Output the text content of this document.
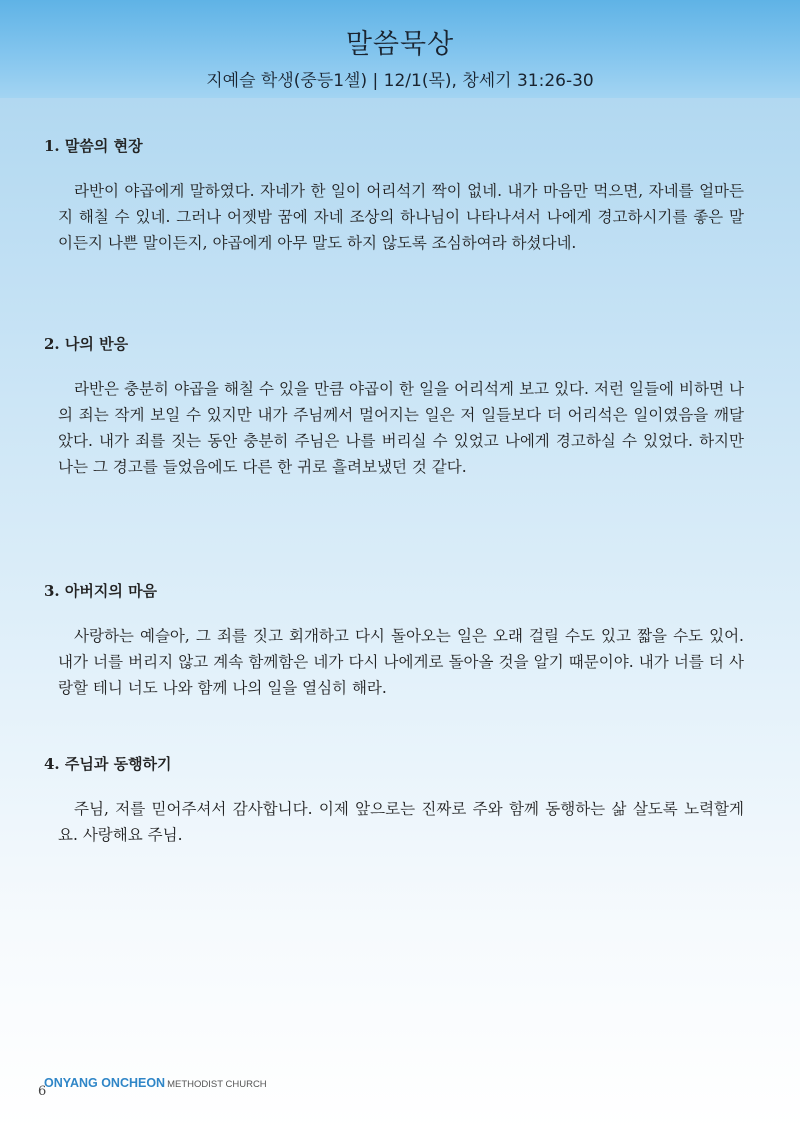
말씀묵상
지예슬 학생(중등1셀) | 12/1(목), 창세기 31:26-30

1. 말씀의 현장

라반이 야곱에게 말하였다. 자네가 한 일이 어리석기 짝이 없네. 내가 마음만 먹으면, 자네를 얼마든지 해칠 수 있네. 그러나 어젯밤 꿈에 자네 조상의 하나님이 나타나셔서 나에게 경고하시기를 좋은 말이든지 나쁜 말이든지, 야곱에게 아무 말도 하지 않도록 조심하여라 하셨다네.

2. 나의 반응

라반은 충분히 야곱을 해칠 수 있을 만큼 야곱이 한 일을 어리석게 보고 있다. 저런 일들에 비하면 나의 죄는 작게 보일 수 있지만 내가 주님께서 멀어지는 일은 저 일들보다 더 어리석은 일이였음을 깨달았다. 내가 죄를 짓는 동안 충분히 주님은 나를 버리실 수 있었고 나에게 경고하실 수 있었다. 하지만 나는 그 경고를 들었음에도 다른 한 귀로 흘려보냈던 것 같다.

3. 아버지의 마음

사랑하는 예슬아, 그 죄를 짓고 회개하고 다시 돌아오는 일은 오래 걸릴 수도 있고 짧을 수도 있어. 내가 너를 버리지 않고 계속 함께함은 네가 다시 나에게로 돌아올 것을 알기 때문이야. 내가 너를 더 사랑할 테니 너도 나와 함께 나의 일을 열심히 해라.

4. 주님과 동행하기

주님, 저를 믿어주셔서 감사합니다. 이제 앞으로는 진짜로 주와 함께 동행하는 삶 살도록 노력할게요. 사랑해요 주님.

ONYANG ONCHEON METHODIST CHURCH
6
